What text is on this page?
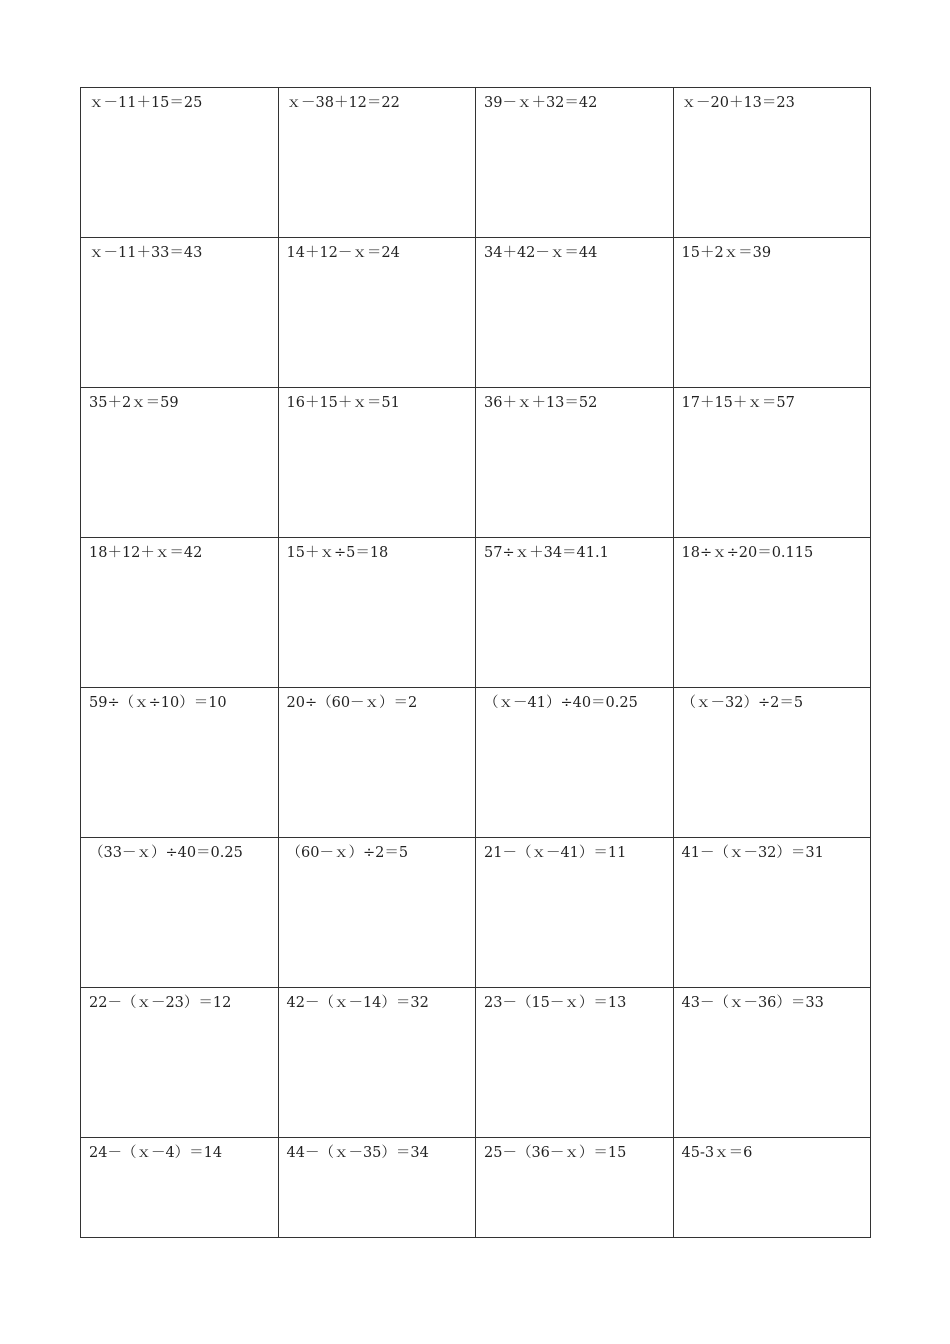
ｘ－11＋15＝25	ｘ－38＋12＝22	39－ｘ＋32＝42	ｘ－20＋13＝23
ｘ－11＋33＝43	14＋12－ｘ＝24	34＋42－ｘ＝44	15＋2ｘ＝39
35＋2ｘ＝59	16＋15＋ｘ＝51	36＋ｘ＋13＝52	17＋15＋ｘ＝57
18＋12＋ｘ＝42	15＋ｘ÷5＝18	57÷ｘ＋34＝41.1	18÷ｘ÷20＝0.115
59÷（ｘ÷10）＝10	20÷（60－ｘ）＝2	（ｘ－41）÷40＝0.25	（ｘ－32）÷2＝5
（33－ｘ）÷40＝0.25	（60－ｘ）÷2＝5	21－（ｘ－41）＝11	41－（ｘ－32）＝31
22－（ｘ－23）＝12	42－（ｘ－14）＝32	23－（15－ｘ）＝13	43－（ｘ－36）＝33
24－（ｘ－4）＝14	44－（ｘ－35）＝34	25－（36－ｘ）＝15	45-3ｘ＝6
